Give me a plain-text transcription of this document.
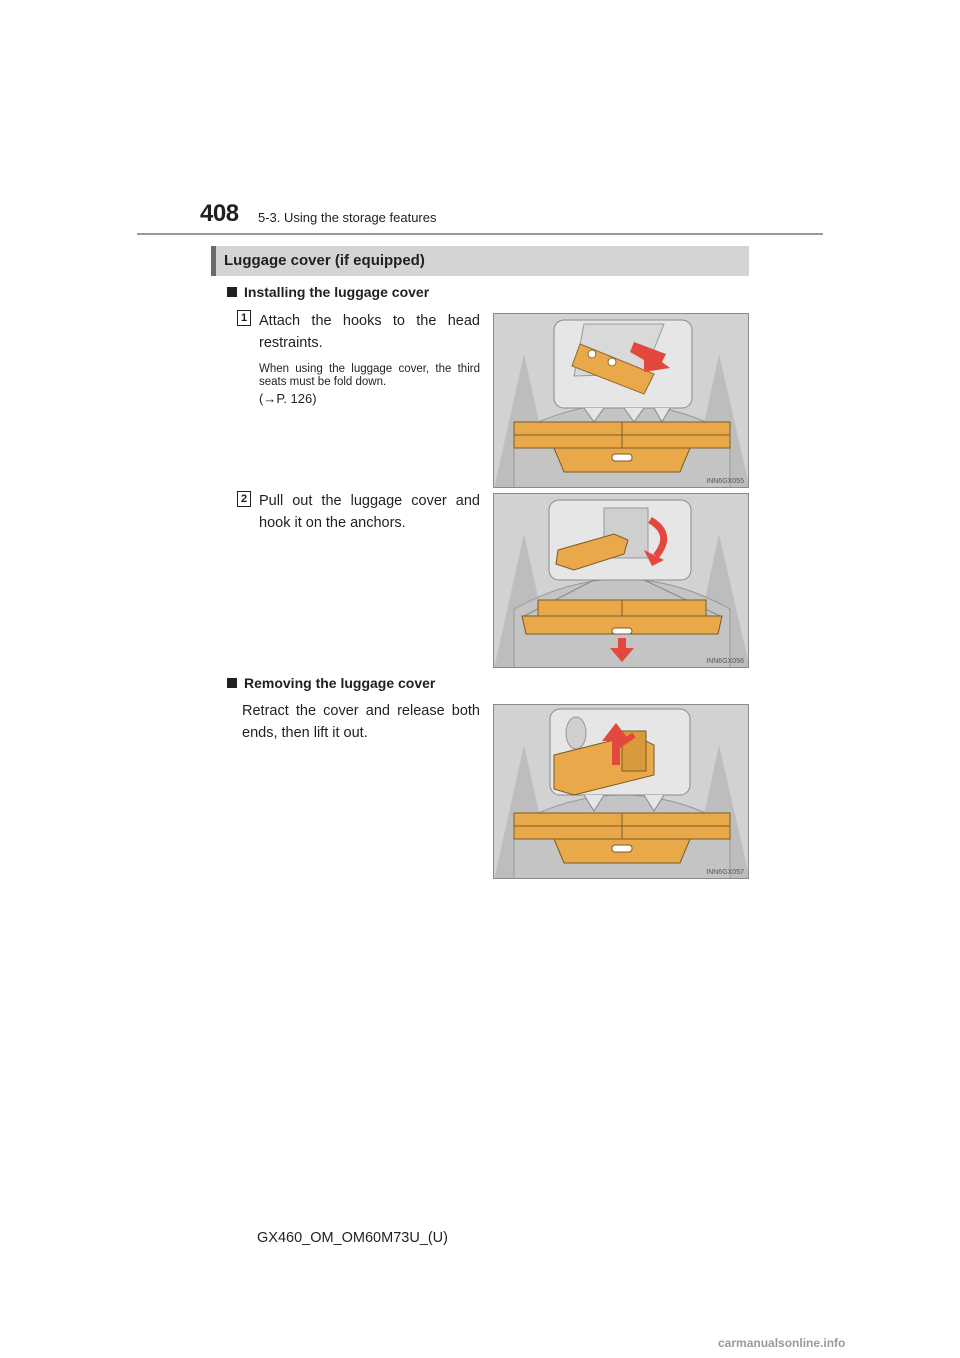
408 5-3. Using the storage features
Luggage cover (if equipped)
Installing the luggage cover
1 Attach the hooks to the head restraints.
When using the luggage cover, the third seats must be fold down.
(→P. 126)
INN6GX055
2 Pull out the luggage cover and hook it on the anchors.
INN6GX056
Removing the luggage cover
Retract the cover and release both ends, then lift it out.
INN6GX057
GX460_OM_OM60M73U_(U)
carmanualsonline.info
